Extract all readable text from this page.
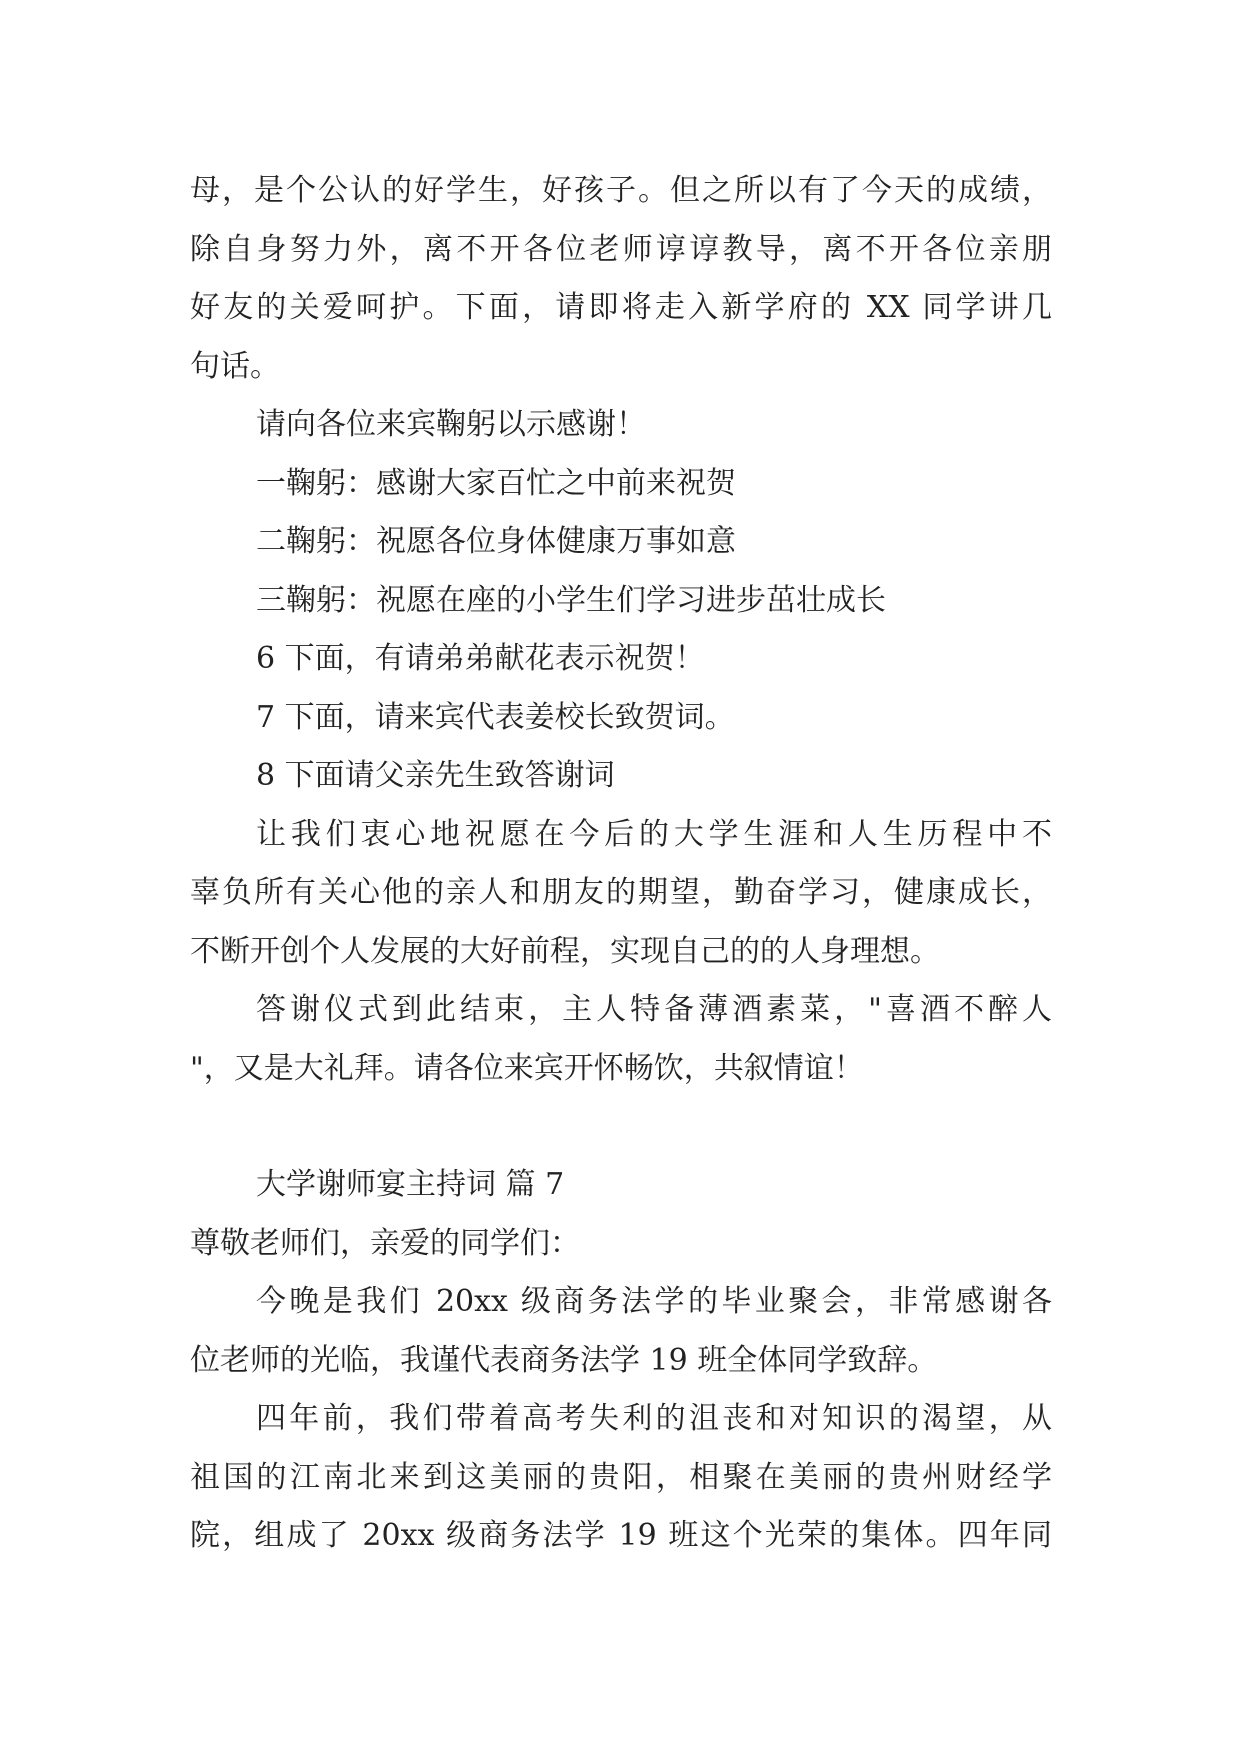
母，是个公认的好学生，好孩子。但之所以有了今天的成绩，
除自身努力外，离不开各位老师谆谆教导，离不开各位亲朋
好友的关爱呵护。下面，请即将走入新学府的 XX 同学讲几
句话。
请向各位来宾鞠躬以示感谢！
一鞠躬：感谢大家百忙之中前来祝贺
二鞠躬：祝愿各位身体健康万事如意
三鞠躬：祝愿在座的小学生们学习进步茁壮成长
6 下面，有请弟弟献花表示祝贺！
7 下面，请来宾代表姜校长致贺词。
8 下面请父亲先生致答谢词
让我们衷心地祝愿在今后的大学生涯和人生历程中不
辜负所有关心他的亲人和朋友的期望，勤奋学习，健康成长，
不断开创个人发展的大好前程，实现自己的的人身理想。
答谢仪式到此结束，主人特备薄酒素菜，"喜酒不醉人
"，又是大礼拜。请各位来宾开怀畅饮，共叙情谊！
大学谢师宴主持词 篇 7
尊敬老师们，亲爱的同学们：
今晚是我们 20xx 级商务法学的毕业聚会，非常感谢各
位老师的光临，我谨代表商务法学 19 班全体同学致辞。
四年前，我们带着高考失利的沮丧和对知识的渴望，从
祖国的江南北来到这美丽的贵阳，相聚在美丽的贵州财经学
院，组成了 20xx 级商务法学 19 班这个光荣的集体。四年同
